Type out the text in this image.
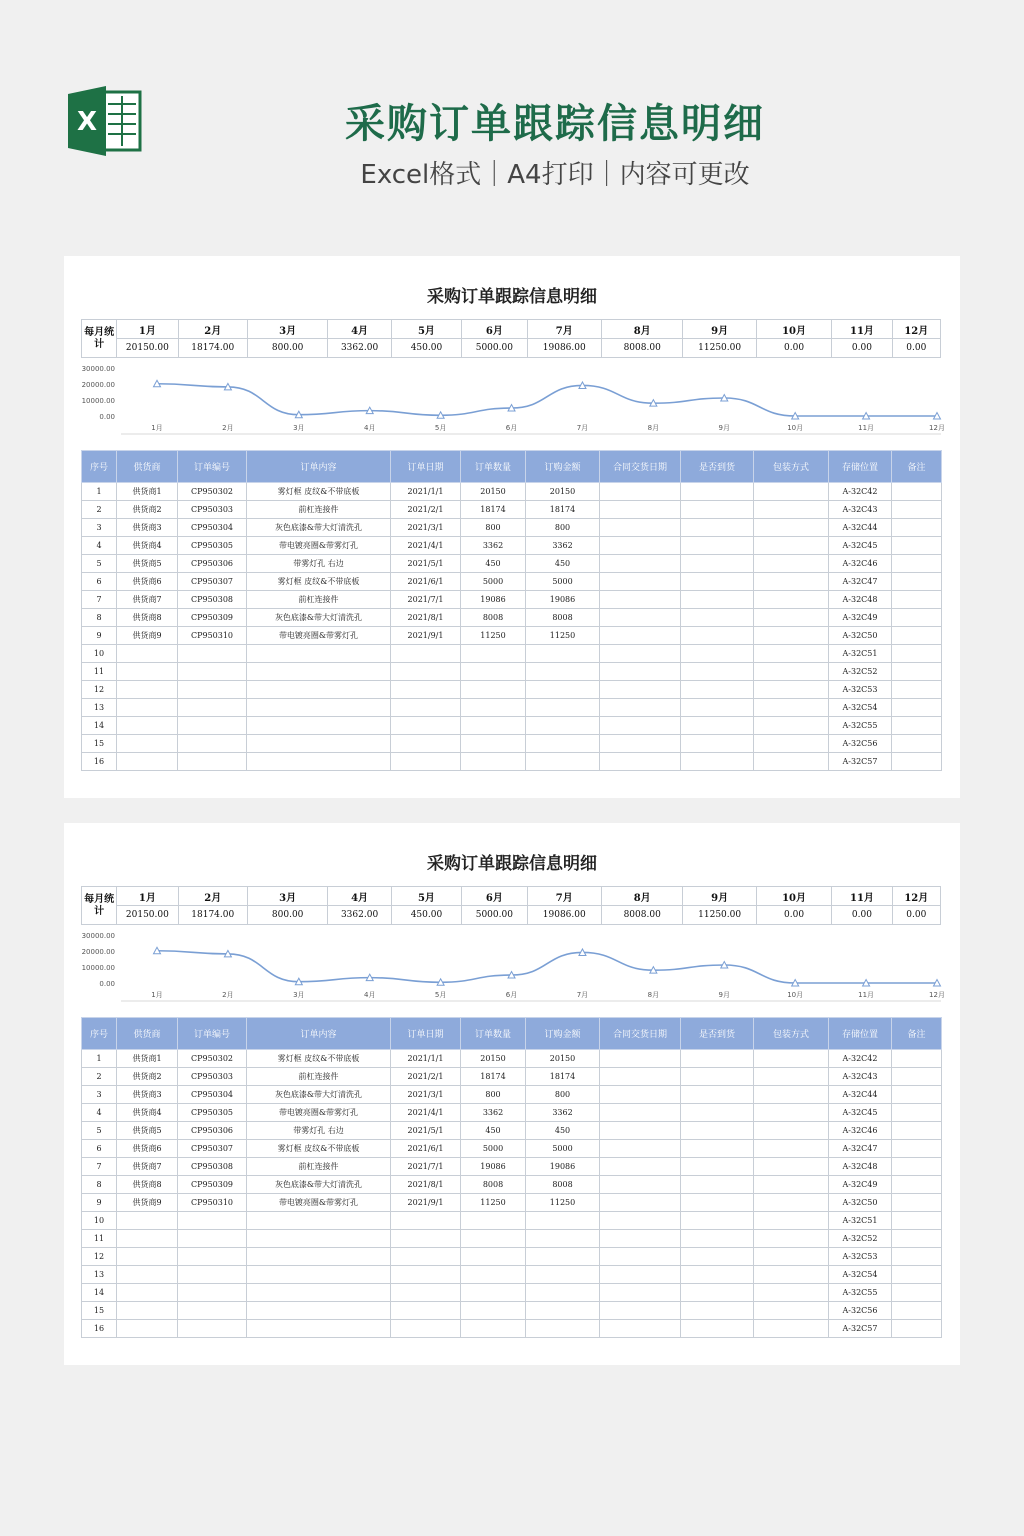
X	采购订单跟踪信息明细
Excel格式｜A4打印｜内容可更改
采购订单跟踪信息明细
每月统计	1月	2月	3月	4月	5月	6月	7月	8月	9月	10月	11月	12月
	20150.00	18174.00	800.00	3362.00	450.00	5000.00	19086.00	8008.00	11250.00	0.00	0.00	0.00
30000.00
20000.00
10000.00
0.00
1月	2月	3月	4月	5月	6月	7月	8月	9月	10月	11月	12月
序号	供货商	订单编号	订单内容	订单日期	订单数量	订购金额	合同交货日期	是否到货	包装方式	存储位置	备注
1	供货商1	CP950302	雾灯框 皮纹&不带底板	2021/1/1	20150	20150				A-32C42	
2	供货商2	CP950303	前杠连接件	2021/2/1	18174	18174				A-32C43	
3	供货商3	CP950304	灰色底漆&带大灯清洗孔	2021/3/1	800	800				A-32C44	
4	供货商4	CP950305	带电镀亮圈&带雾灯孔	2021/4/1	3362	3362				A-32C45	
5	供货商5	CP950306	带雾灯孔 右边	2021/5/1	450	450				A-32C46	
6	供货商6	CP950307	雾灯框 皮纹&不带底板	2021/6/1	5000	5000				A-32C47	
7	供货商7	CP950308	前杠连接件	2021/7/1	19086	19086				A-32C48	
8	供货商8	CP950309	灰色底漆&带大灯清洗孔	2021/8/1	8008	8008				A-32C49	
9	供货商9	CP950310	带电镀亮圈&带雾灯孔	2021/9/1	11250	11250				A-32C50	
10										A-32C51	
11										A-32C52	
12										A-32C53	
13										A-32C54	
14										A-32C55	
15										A-32C56	
16										A-32C57	
采购订单跟踪信息明细
每月统计	1月	2月	3月	4月	5月	6月	7月	8月	9月	10月	11月	12月
	20150.00	18174.00	800.00	3362.00	450.00	5000.00	19086.00	8008.00	11250.00	0.00	0.00	0.00
30000.00
20000.00
10000.00
0.00
1月	2月	3月	4月	5月	6月	7月	8月	9月	10月	11月	12月
序号	供货商	订单编号	订单内容	订单日期	订单数量	订购金额	合同交货日期	是否到货	包装方式	存储位置	备注
1	供货商1	CP950302	雾灯框 皮纹&不带底板	2021/1/1	20150	20150				A-32C42	
2	供货商2	CP950303	前杠连接件	2021/2/1	18174	18174				A-32C43	
3	供货商3	CP950304	灰色底漆&带大灯清洗孔	2021/3/1	800	800				A-32C44	
4	供货商4	CP950305	带电镀亮圈&带雾灯孔	2021/4/1	3362	3362				A-32C45	
5	供货商5	CP950306	带雾灯孔 右边	2021/5/1	450	450				A-32C46	
6	供货商6	CP950307	雾灯框 皮纹&不带底板	2021/6/1	5000	5000				A-32C47	
7	供货商7	CP950308	前杠连接件	2021/7/1	19086	19086				A-32C48	
8	供货商8	CP950309	灰色底漆&带大灯清洗孔	2021/8/1	8008	8008				A-32C49	
9	供货商9	CP950310	带电镀亮圈&带雾灯孔	2021/9/1	11250	11250				A-32C50	
10										A-32C51	
11										A-32C52	
12										A-32C53	
13										A-32C54	
14										A-32C55	
15										A-32C56	
16										A-32C57	
